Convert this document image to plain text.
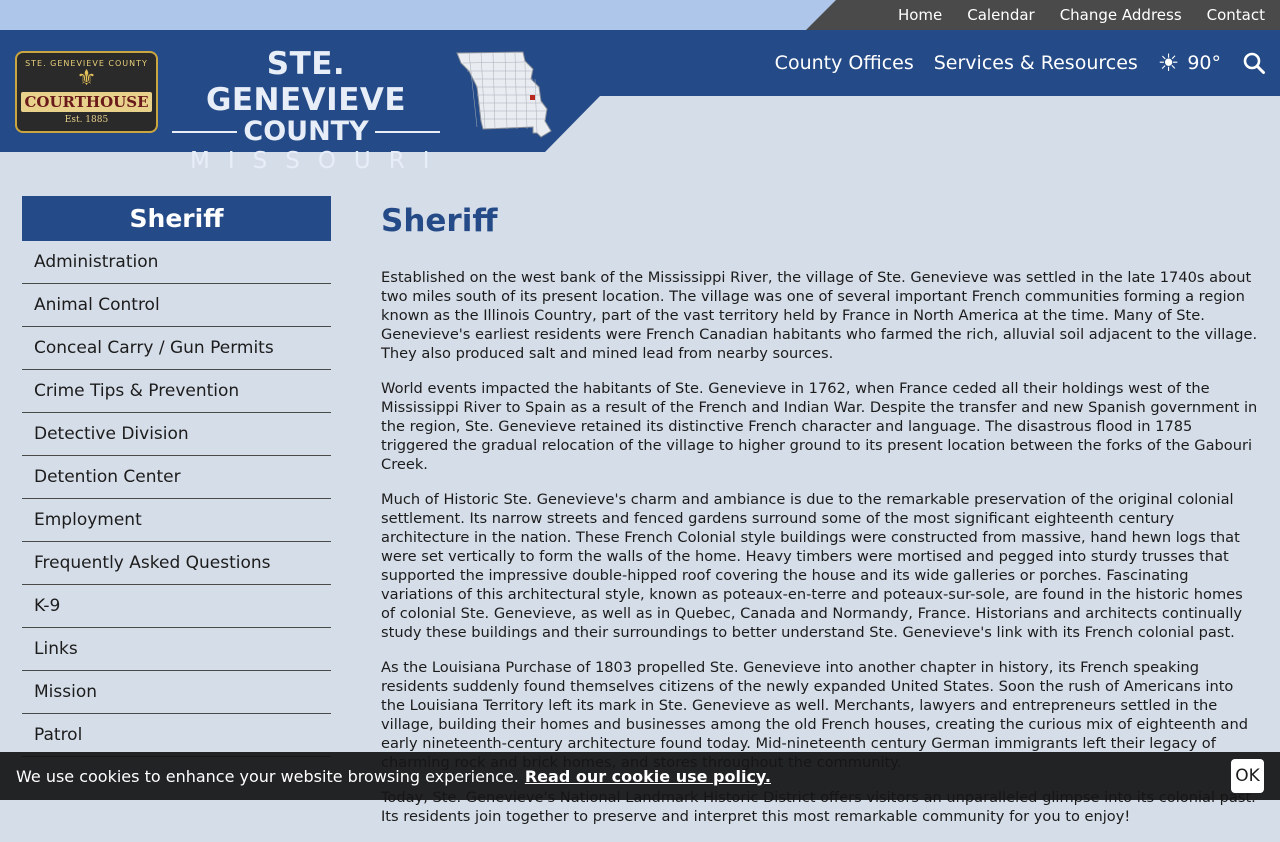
Home Calendar Change Address Contact
STE. GENEVIEVE COUNTY
⚜
COURTHOUSE
Est. 1885
STE. GENEVIEVE
COUNTY
MISSOURI
County Offices Services & Resources ☀ 90°
Sheriff
Administration
Animal Control
Conceal Carry / Gun Permits
Crime Tips & Prevention
Detective Division
Detention Center
Employment
Frequently Asked Questions
K-9
Links
Mission
Patrol
Sheriff

Established on the west bank of the Mississippi River, the village of Ste. Genevieve was settled in the late 1740s about two miles south of its present location. The village was one of several important French communities forming a region known as the Illinois Country, part of the vast territory held by France in North America at the time. Many of Ste. Genevieve's earliest residents were French Canadian habitants who farmed the rich, alluvial soil adjacent to the village. They also produced salt and mined lead from nearby sources.

World events impacted the habitants of Ste. Genevieve in 1762, when France ceded all their holdings west of the Mississippi River to Spain as a result of the French and Indian War. Despite the transfer and new Spanish government in the region, Ste. Genevieve retained its distinctive French character and language. The disastrous flood in 1785 triggered the gradual relocation of the village to higher ground to its present location between the forks of the Gabouri Creek.

Much of Historic Ste. Genevieve's charm and ambiance is due to the remarkable preservation of the original colonial settlement. Its narrow streets and fenced gardens surround some of the most significant eighteenth century architecture in the nation. These French Colonial style buildings were constructed from massive, hand hewn logs that were set vertically to form the walls of the home. Heavy timbers were mortised and pegged into sturdy trusses that supported the impressive double-hipped roof covering the house and its wide galleries or porches. Fascinating variations of this architectural style, known as poteaux-en-terre and poteaux-sur-sole, are found in the historic homes of colonial Ste. Genevieve, as well as in Quebec, Canada and Normandy, France. Historians and architects continually study these buildings and their surroundings to better understand Ste. Genevieve's link with its French colonial past.

As the Louisiana Purchase of 1803 propelled Ste. Genevieve into another chapter in history, its French speaking residents suddenly found themselves citizens of the newly expanded United States. Soon the rush of Americans into the Louisiana Territory left its mark in Ste. Genevieve as well. Merchants, lawyers and entrepreneurs settled in the village, building their homes and businesses among the old French houses, creating the curious mix of eighteenth and early nineteenth-century architecture found today. Mid-nineteenth century German immigrants left their legacy of

Its residents join together to preserve and interpret this most remarkable community for you to enjoy!

We use cookies to enhance your website browsing experience. Read our cookie use policy.	OK
